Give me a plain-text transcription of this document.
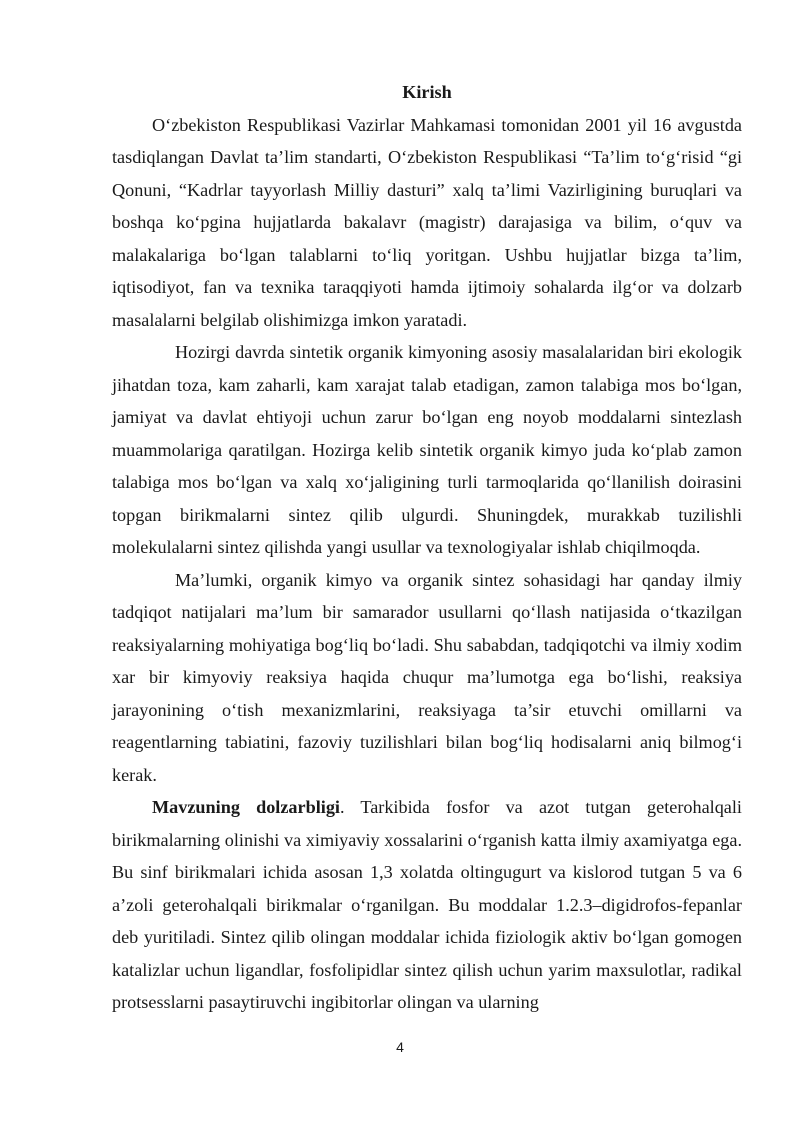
Kirish

O‘zbekiston Respublikasi Vazirlar Mahkamasi tomonidan 2001 yil 16 avgustda tasdiqlangan Davlat ta’lim standarti, O‘zbekiston Respublikasi “Ta’lim to‘g‘risid “gi Qonuni, “Kadrlar tayyorlash Milliy dasturi” xalq ta’limi Vazirligining buruqlari va boshqa ko‘pgina hujjatlarda bakalavr (magistr) darajasiga va bilim, o‘quv va malakalariga bo‘lgan talablarni to‘liq yoritgan. Ushbu hujjatlar bizga ta’lim, iqtisodiyot, fan va texnika taraqqiyoti hamda ijtimoiy sohalarda ilg‘or va dolzarb masalalarni belgilab olishimizga imkon yaratadi.

Hozirgi davrda sintetik organik kimyoning asosiy masalalaridan biri ekologik jihatdan toza, kam zaharli, kam xarajat talab etadigan, zamon talabiga mos bo‘lgan, jamiyat va davlat ehtiyoji uchun zarur bo‘lgan eng noyob moddalarni sintezlash muammolariga qaratilgan. Hozirga kelib sintetik organik kimyo juda ko‘plab zamon talabiga mos bo‘lgan va xalq xo‘jaligining turli tarmoqlarida qo‘llanilish doirasini topgan birikmalarni sintez qilib ulgurdi. Shuningdek, murakkab tuzilishli molekulalarni sintez qilishda yangi usullar va texnologiyalar ishlab chiqilmoqda.

Ma’lumki, organik kimyo va organik sintez sohasidagi har qanday ilmiy tadqiqot natijalari ma’lum bir samarador usullarni qo‘llash natijasida o‘tkazilgan reaksiyalarning mohiyatiga bog‘liq bo‘ladi. Shu sababdan, tadqiqotchi va ilmiy xodim xar bir kimyoviy reaksiya haqida chuqur ma’lumotga ega bo‘lishi, reaksiya jarayonining o‘tish mexanizmlarini, reaksiyaga ta’sir etuvchi omillarni va reagentlarning tabiatini, fazoviy tuzilishlari bilan bog‘liq hodisalarni aniq bilmog‘i kerak.

Mavzuning dolzarbligi. Tarkibida fosfor va azot tutgan geterohalqali birikmalarning olinishi va ximiyaviy xossalarini o‘rganish katta ilmiy axamiyatga ega. Bu sinf birikmalari ichida asosan 1,3 xolatda oltingugurt va kislorod tutgan 5 va 6 a’zoli geterohalqali birikmalar o‘rganilgan. Bu moddalar 1.2.3–digidrofos-fepanlar deb yuritiladi. Sintez qilib olingan moddalar ichida fiziologik aktiv bo‘lgan gomogen katalizlar uchun ligandlar, fosfolipidlar sintez qilish uchun yarim maxsulotlar, radikal protsesslarni pasaytiruvchi ingibitorlar olingan va ularning

4
